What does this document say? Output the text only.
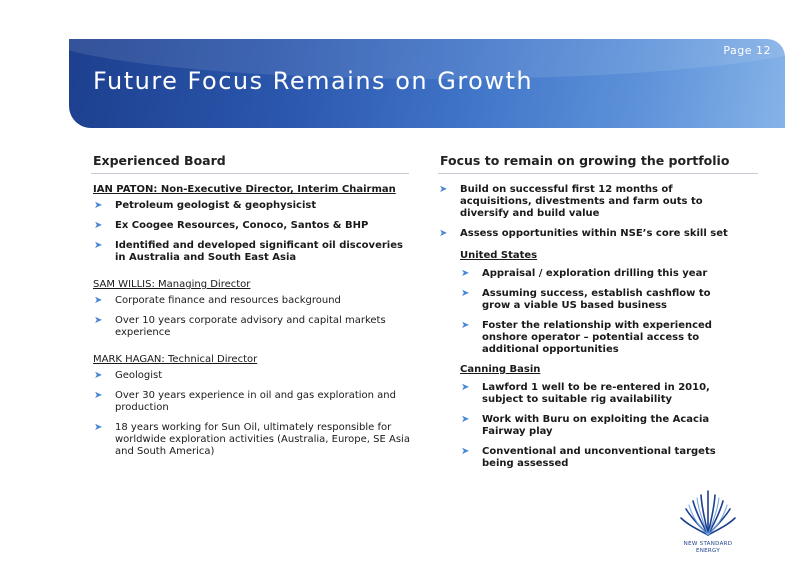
Page 12
Future Focus Remains on Growth
Experienced Board
IAN PATON: Non-Executive Director, Interim Chairman
➤ Petroleum geologist & geophysicist
➤ Ex Coogee Resources, Conoco, Santos & BHP
➤ Identified and developed significant oil discoveries in Australia and South East Asia
SAM WILLIS: Managing Director
➤ Corporate finance and resources background
➤ Over 10 years corporate advisory and capital markets experience
MARK HAGAN: Technical Director
➤ Geologist
➤ Over 30 years experience in oil and gas exploration and production
➤ 18 years working for Sun Oil, ultimately responsible for worldwide exploration activities (Australia, Europe, SE Asia and South America)
Focus to remain on growing the portfolio
➤ Build on successful first 12 months of acquisitions, divestments and farm outs to diversify and build value
➤ Assess opportunities within NSE’s core skill set
United States
➤ Appraisal / exploration drilling this year
➤ Assuming success, establish cashflow to grow a viable US based business
➤ Foster the relationship with experienced onshore operator – potential access to additional opportunities
Canning Basin
➤ Lawford 1 well to be re-entered in 2010, subject to suitable rig availability
➤ Work with Buru on exploiting the Acacia Fairway play
➤ Conventional and unconventional targets being assessed
NEW STANDARD
ENERGY
